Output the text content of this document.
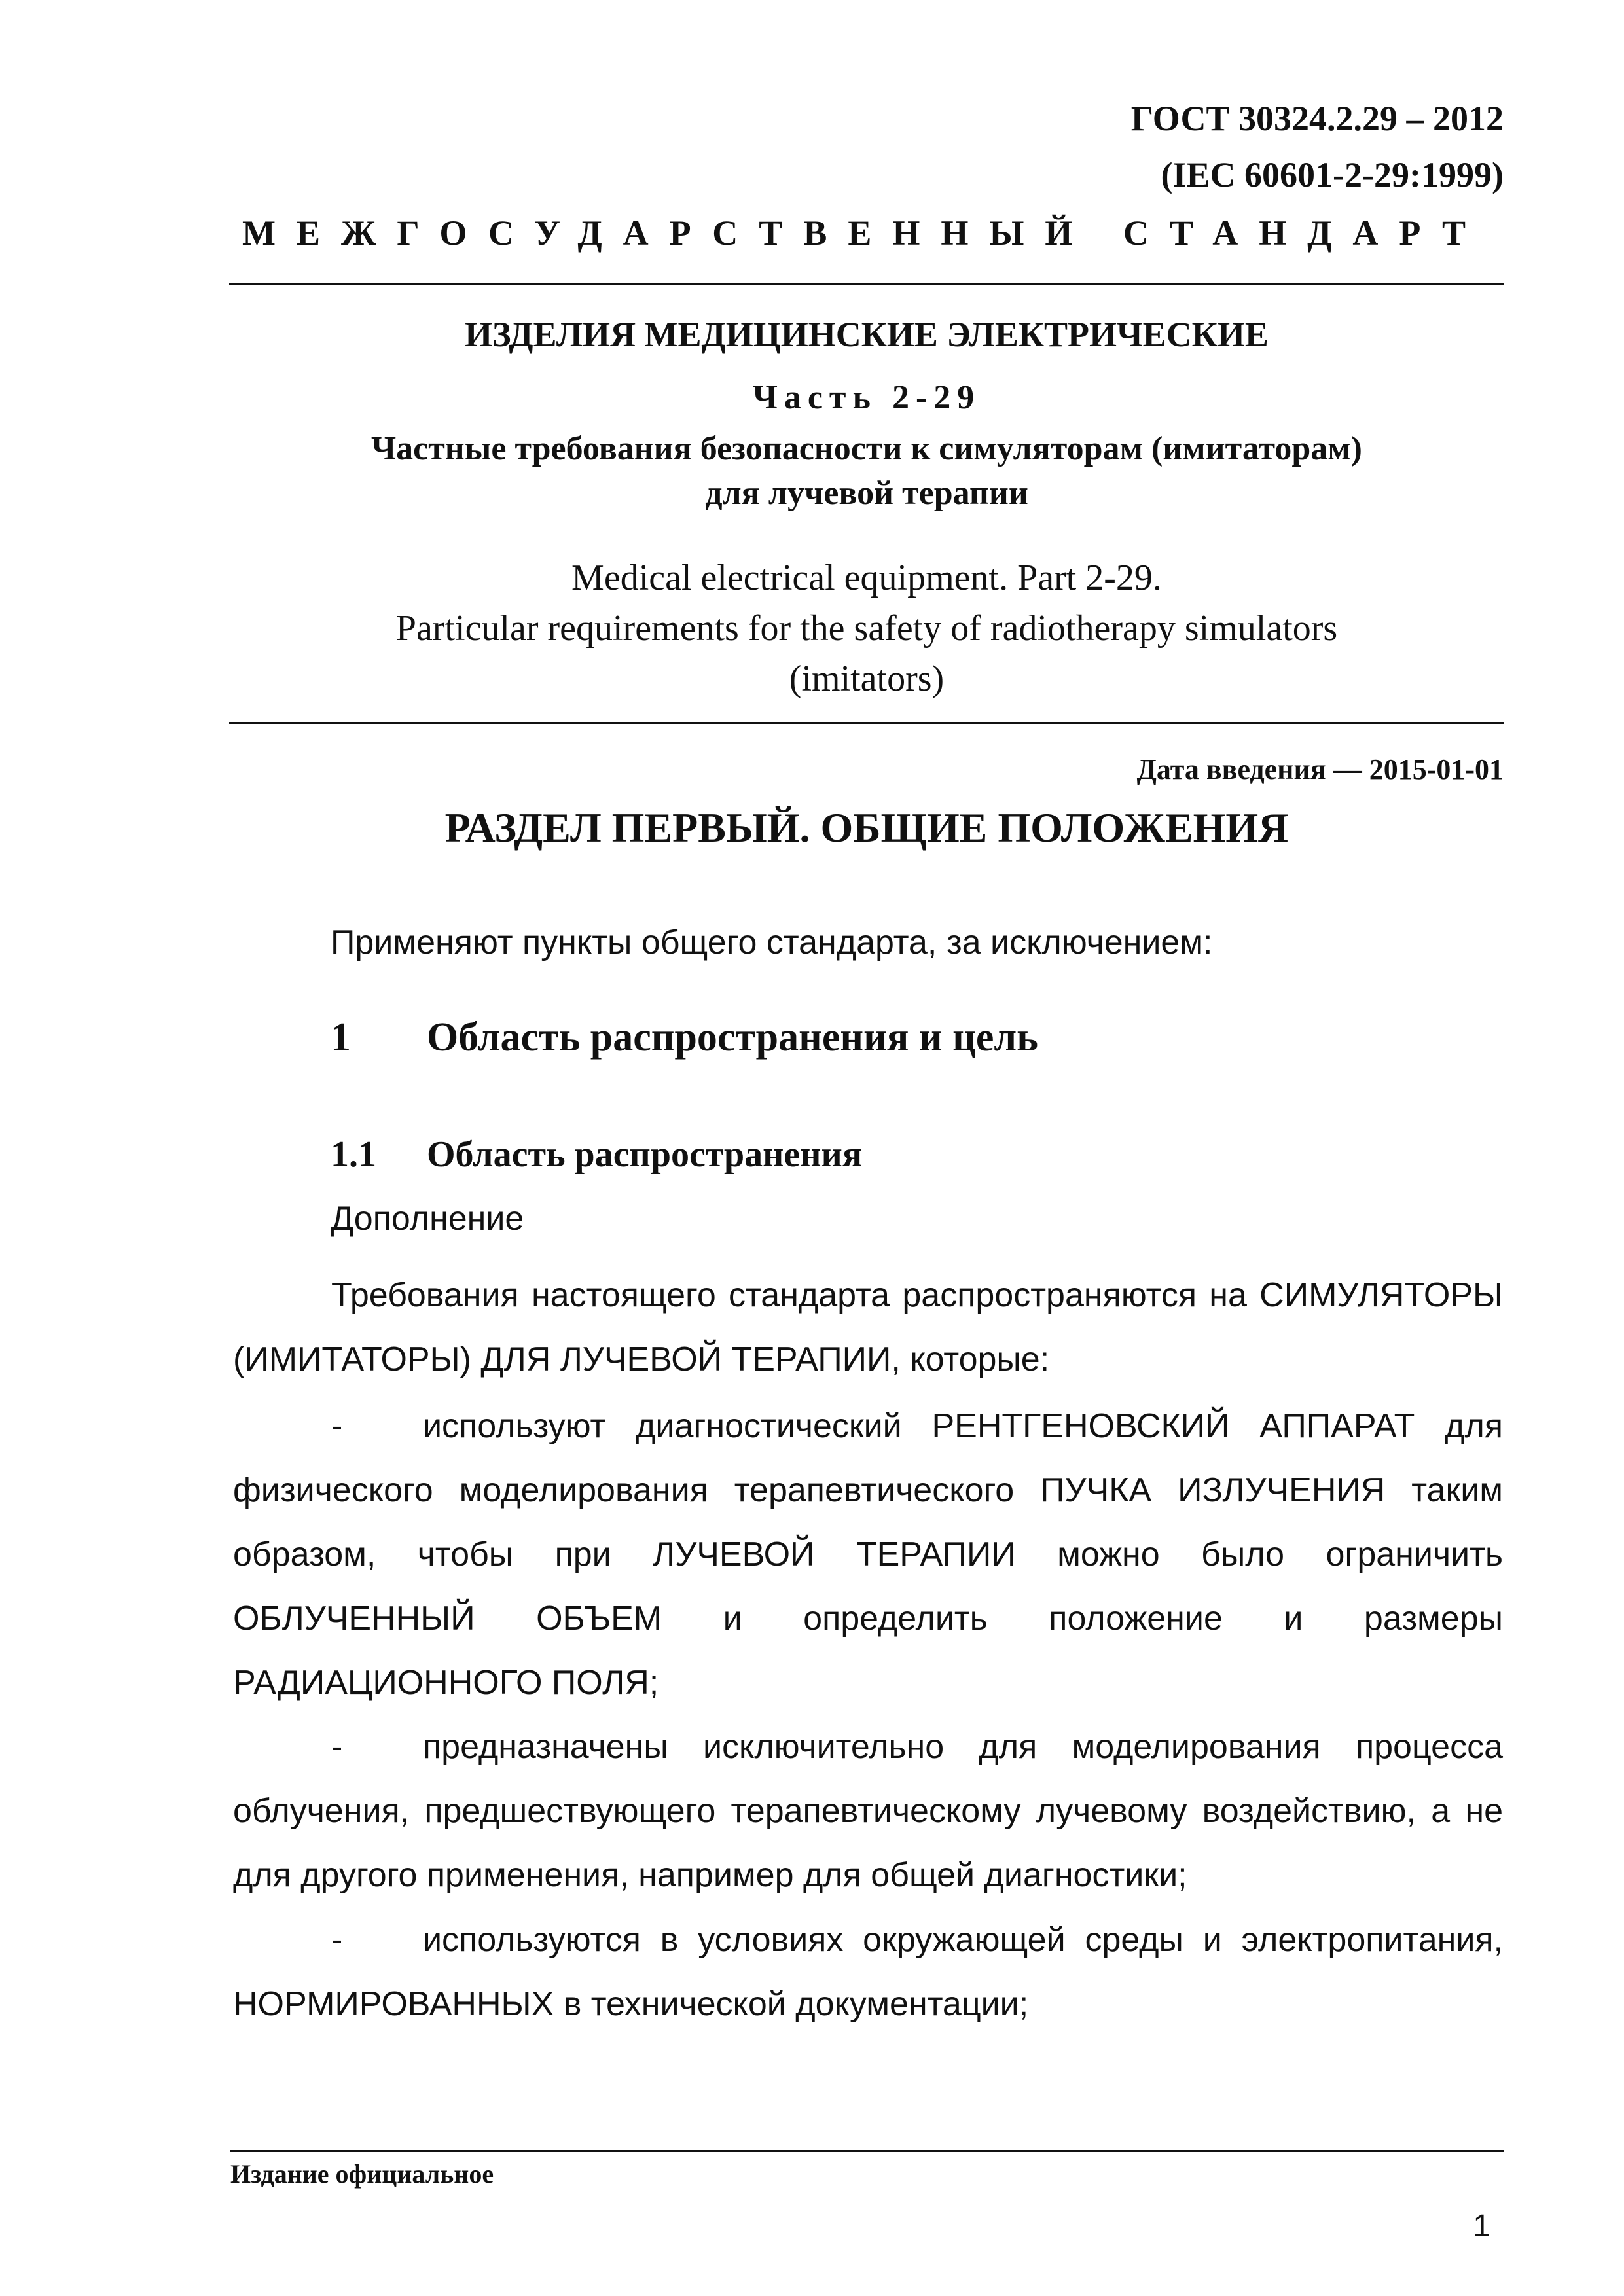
ГОСТ 30324.2.29 – 2012
(IEC 60601-2-29:1999)
МЕЖГОСУДАРСТВЕННЫЙ СТАНДАРТ
ИЗДЕЛИЯ МЕДИЦИНСКИЕ ЭЛЕКТРИЧЕСКИЕ
Часть 2-29
Частные требования безопасности к симуляторам (имитаторам)
для лучевой терапии
Medical electrical equipment. Part 2-29.
Particular requirements for the safety of radiotherapy simulators
(imitators)
Дата введения — 2015-01-01
РАЗДЕЛ ПЕРВЫЙ. ОБЩИЕ ПОЛОЖЕНИЯ
Применяют пункты общего стандарта, за исключением:
1 Область распространения и цель
1.1 Область распространения
Дополнение
Требования настоящего стандарта распространяются на СИМУЛЯТОРЫ (ИМИТАТОРЫ) ДЛЯ ЛУЧЕВОЙ ТЕРАПИИ, которые:
- используют диагностический РЕНТГЕНОВСКИЙ АППАРАТ для физического моделирования терапевтического ПУЧКА ИЗЛУЧЕНИЯ таким образом, чтобы при ЛУЧЕВОЙ ТЕРАПИИ можно было ограничить ОБЛУЧЕННЫЙ ОБЪЕМ и определить положение и размеры РАДИАЦИОННОГО ПОЛЯ;
- предназначены исключительно для моделирования процесса облучения, предшествующего терапевтическому лучевому воздействию, а не для другого применения, например для общей диагностики;
- используются в условиях окружающей среды и электропитания, НОРМИРОВАННЫХ в технической документации;
Издание официальное
1
